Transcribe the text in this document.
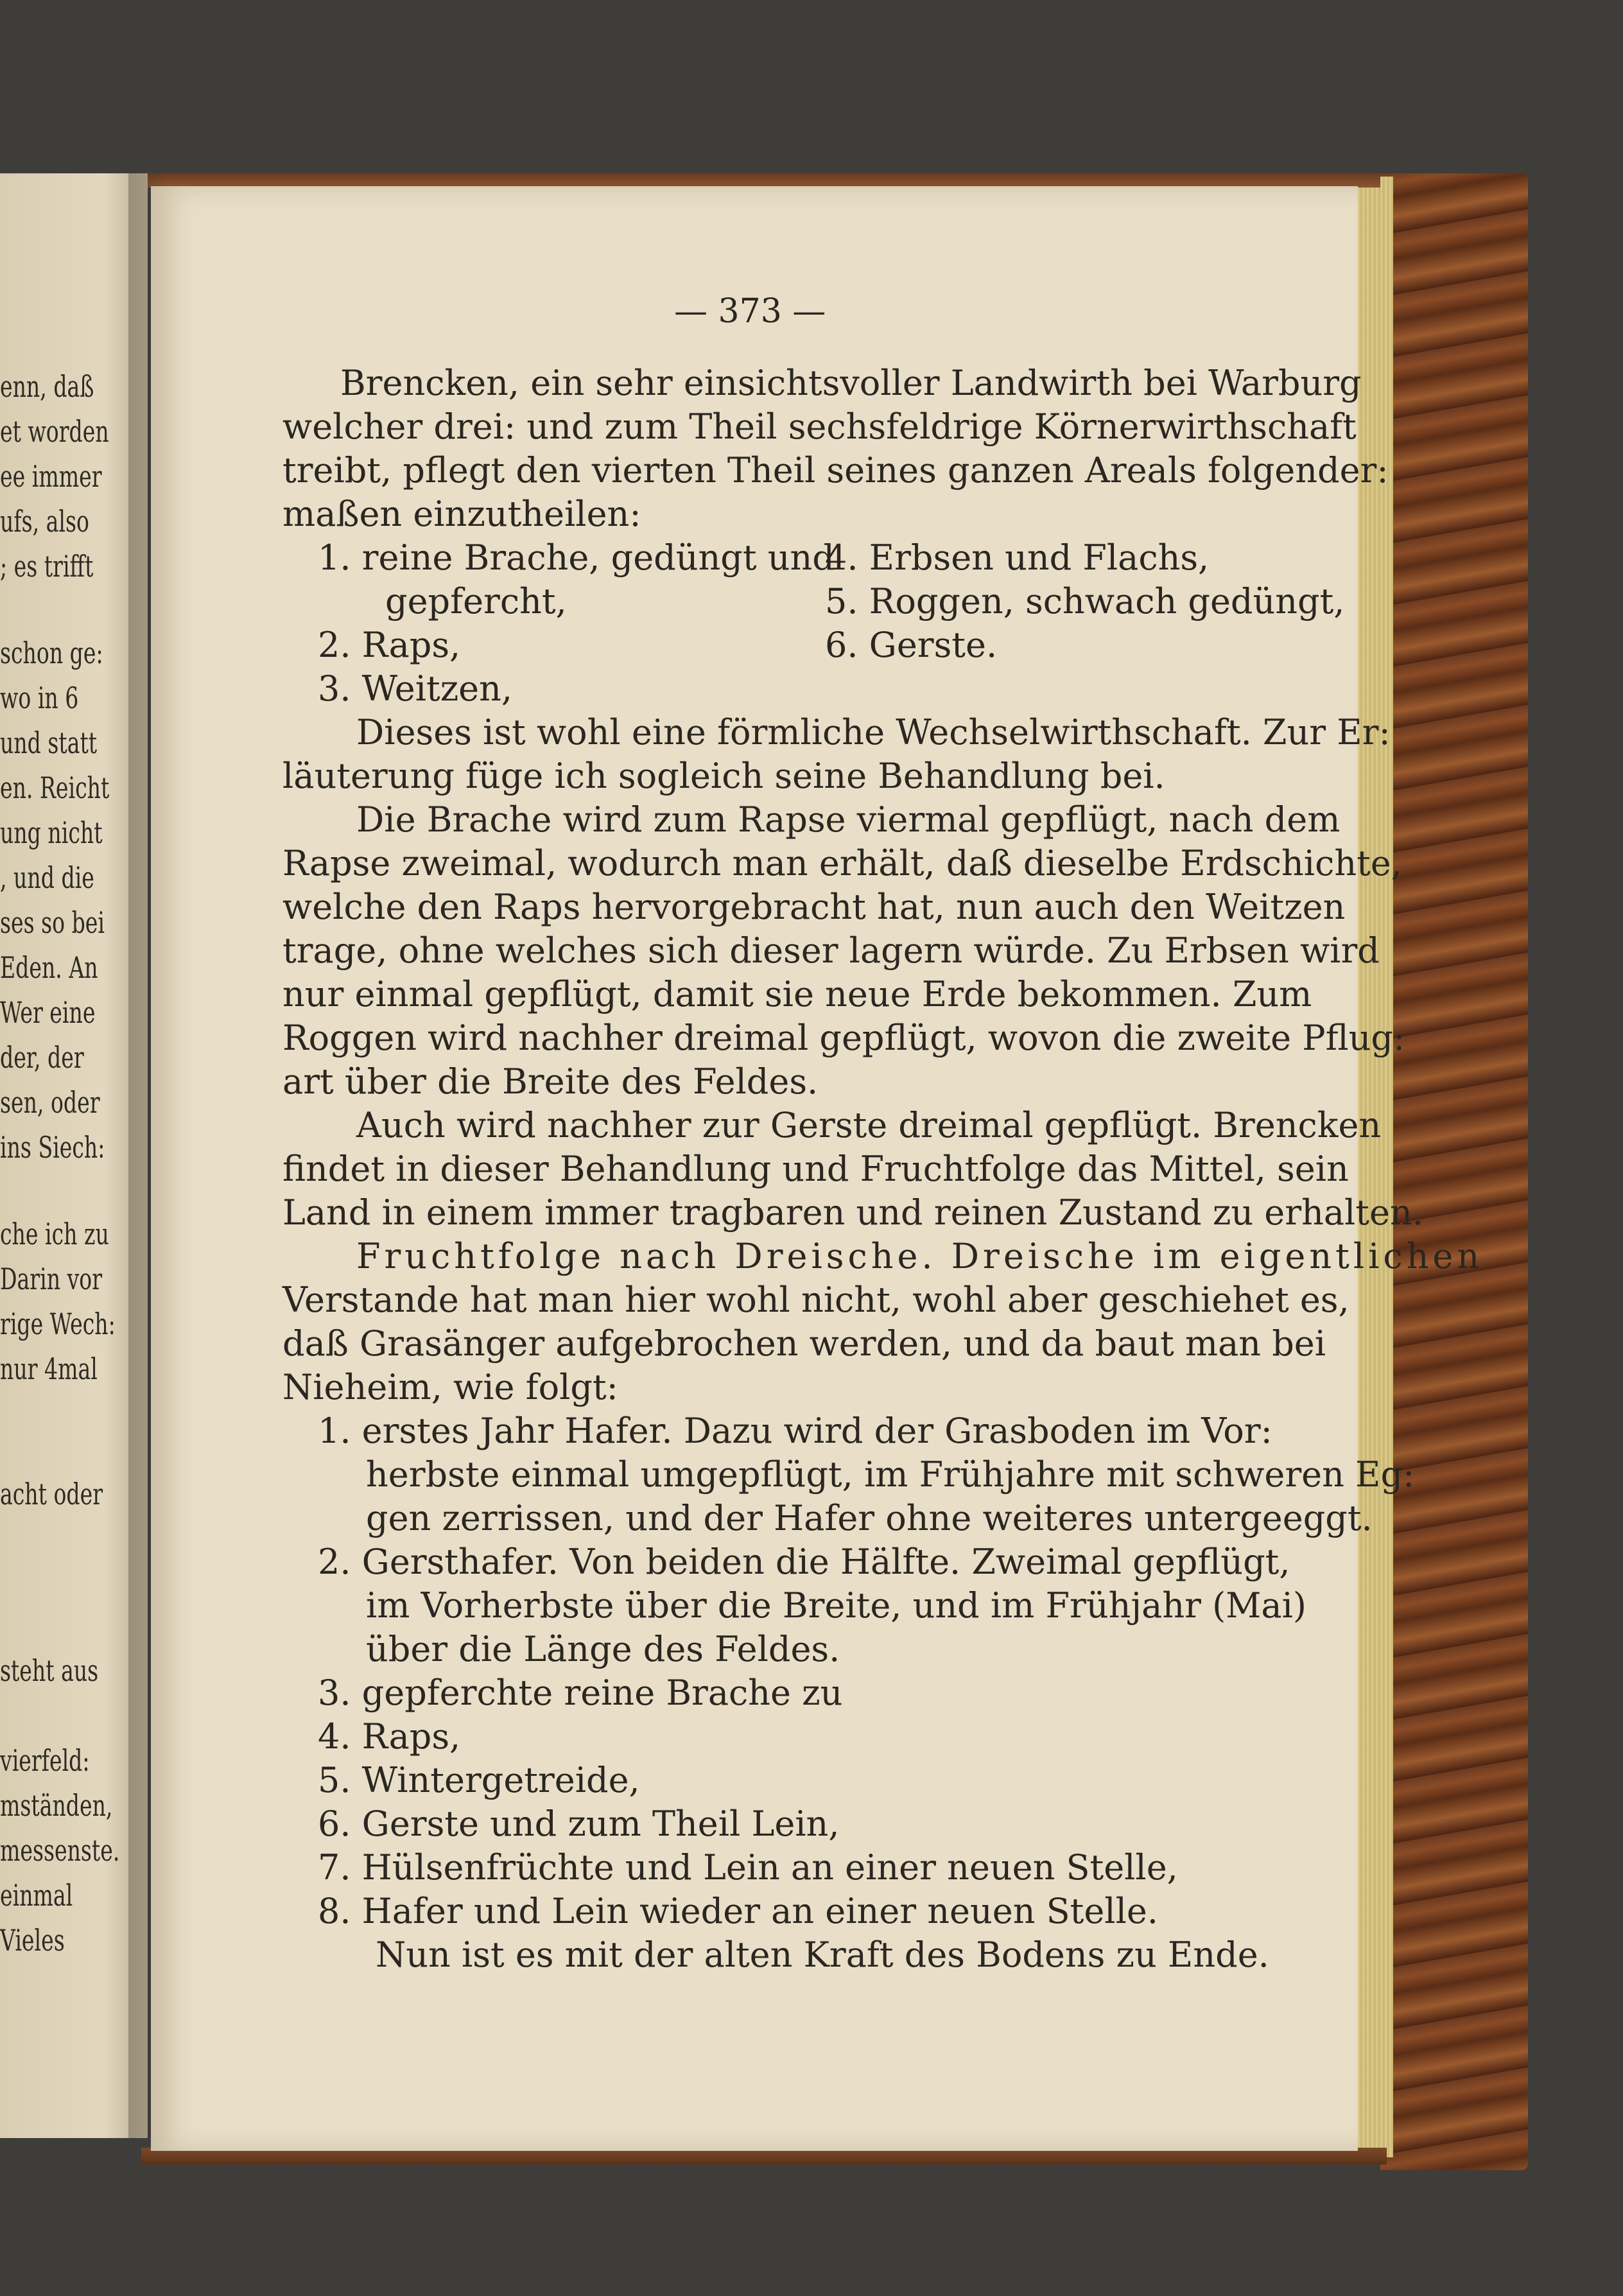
enn, daß
et worden
ee immer
ufs, also
; es trifft
schon ge:
wo in 6
und statt
en. Reicht
ung nicht
, und die
ses so bei
Eden. An
Wer eine
der, der
sen, oder
ins Siech:
che ich zu
Darin vor
rige Wech:
nur 4mal
acht oder
steht aus
vierfeld:
mständen,
messenste.
einmal
Vieles
— 373 —
Brencken, ein sehr einsichtsvoller Landwirth bei Warburg
welcher drei: und zum Theil sechsfeldrige Körnerwirthschaft
treibt, pflegt den vierten Theil seines ganzen Areals folgender:
maßen einzutheilen:
1. reine Brache, gedüngt und
4. Erbsen und Flachs,
gepfercht,	5. Roggen, schwach gedüngt,
2. Raps,	6. Gerste.
3. Weitzen,
Dieses ist wohl eine förmliche Wechselwirthschaft. Zur Er:
läuterung füge ich sogleich seine Behandlung bei.
Die Brache wird zum Rapse viermal gepflügt, nach dem
Rapse zweimal, wodurch man erhält, daß dieselbe Erdschichte,
welche den Raps hervorgebracht hat, nun auch den Weitzen
trage, ohne welches sich dieser lagern würde. Zu Erbsen wird
nur einmal gepflügt, damit sie neue Erde bekommen. Zum
Roggen wird nachher dreimal gepflügt, wovon die zweite Pflug:
art über die Breite des Feldes.
Auch wird nachher zur Gerste dreimal gepflügt. Brencken
findet in dieser Behandlung und Fruchtfolge das Mittel, sein
Land in einem immer tragbaren und reinen Zustand zu erhalten.
Fruchtfolge nach Dreische. Dreische im eigentlichen
Verstande hat man hier wohl nicht, wohl aber geschiehet es,
daß Grasänger aufgebrochen werden, und da baut man bei
Nieheim, wie folgt:
1. erstes Jahr Hafer. Dazu wird der Grasboden im Vor:
herbste einmal umgepflügt, im Frühjahre mit schweren Eg:
gen zerrissen, und der Hafer ohne weiteres untergeeggt.
2. Gersthafer. Von beiden die Hälfte. Zweimal gepflügt,
im Vorherbste über die Breite, und im Frühjahr (Mai)
über die Länge des Feldes.
3. gepferchte reine Brache zu
4. Raps,
5. Wintergetreide,
6. Gerste und zum Theil Lein,
7. Hülsenfrüchte und Lein an einer neuen Stelle,
8. Hafer und Lein wieder an einer neuen Stelle.
Nun ist es mit der alten Kraft des Bodens zu Ende.
